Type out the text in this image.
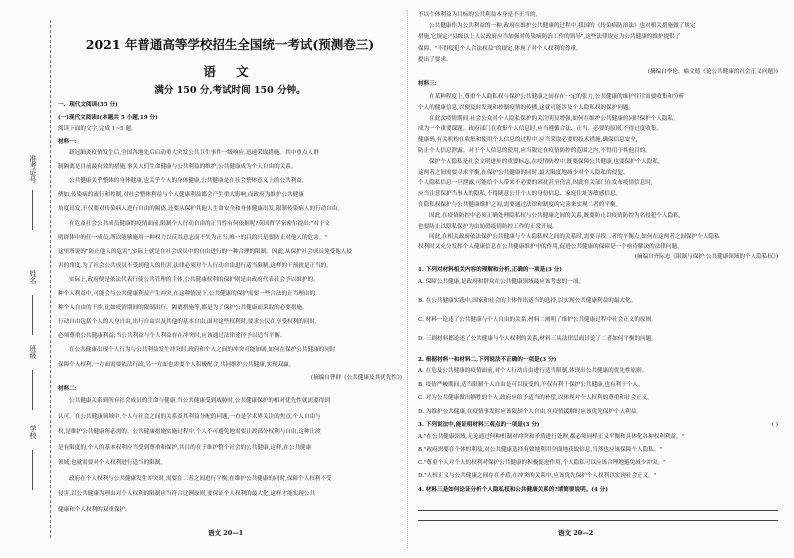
准考证号
姓名
班级
学校
2021 年普通高等学校招生全国统一考试(预测卷三)
语 文
满分 150 分,考试时间 150 分钟。
一、现代文阅读(35 分)
(一)现代文阅读Ⅰ(本题共 5 小题,19 分)
阅读下面的文字,完成 1~5 题。
材料一:
新冠肺炎疫情发生后,全国各地先后启动重大突发公共卫生事件一级响应,迅速采取措施。其中重点人群
制隔离是目前最有效的措施,事关人们生命健康与公共利益的维护,公共健康成为个人自由的关系。
公共健康关乎整体的身体健康,也关乎个人的身体健康,公共健康是在社会整体意义上的公共利益。
例如,传染病的流行和控制,对社会整体利益与个人健康利益都会产生重大影响,而政府为维护公共健康
角度出发,不仅要对传染病人进行自由的隔离,还要从保护其他人生命安全和身体健康出发,限制传染病人的行动自由。
在危及社会公共成员健康的疫情面前,限制个人行动自由的正当性有何依据呢?英国哲学家密尔提出:"对于文
明群体中的任一成员,所以能够施用一种权力以反其意志而不失为正当,唯一的目的只是要防止对他人的危害。"
这里所说的"防止他人的危害",实际上就是在社会成员中的自由进行的一种合理的限制。因此,从保护社会成员免受他人侵
害的角度,为了社会公共成员不受到他人的伤害,法律必须对个人行动自由进行适当限制,这样的干预就是正当的。
实际上,政府便是依法代表行使公共管理的主体,公共健康权利的保护则是由政府代表社会予以维护的。
种个人利益中,可能会与公共健康利益产生冲突,在这种情况下,公共健康的保护需要一些合法的正当理由的
种个人自由的干涉,比如疫情期间的限制出行、隔离措施等,都是为了保护公共健康而采取的必要措施。
行动自由包括个人的人身自由,出行自由以及其他的基本自由,面对这些权利时,要求公民在享受权利的同时,
必须尊重公共健康利益;当公共利益与个人利益存在冲突时,应该通过法律途径予以适当平衡。
在公共健康出现个人行为与公共利益发生冲突时,政府和个人之间的冲突可能加剧,如何在保护公共健康的同时
保障个人权利,一方面需要依法行政,另一方面也需要个人积极配合,共同维护公共健康,实现双赢。
(摘编自曹群《公共健康及其优先性》)
材料二:
公共健康关系到所有社会成员的生命与健康,当公共健康受到威胁时,公共健康保护的相对优先性就需要得到
认可。在公共健康领域中,个人与社会之间的关系及其利益分配的问题,一直是学术界关注的焦点,个人自由与
权,是维护公共健康所必需的。公共健康措施实施过程中,个人不可避免地需要让渡部分权利与自由,这种让渡
是有限度的,个人的基本权利应当受到尊重和保护,其目的在于维护整个社会的公共健康,这样,在公共健康
领域,也就需要对个人权利进行适当的限制。
政府在个人权利与公共健康发生冲突时,需要在二者之间进行平衡,在维护公共健康的同时,保障个人权利不受
侵害,以公共健康为理由对个人权利的限制应当符合比例原则,要保证个人权利的最大化,这样才能实现公共
健康和个人权利的双重保护。
语文 20—1
不以个体利益为目标的公共利益本身是不正当的,
公共健康作为公共利益的一种,政府在维护公共健康的过程中,我国的《传染病防治法》也对相关措施做了规定
措施,它规定:"县级以上人民政府应当加强对传染病防治工作的领导",这些法律规定为公共健康的维护提供了
保障。"不得侵犯个人合法权益"的规定,体现了对个人权利的尊重。
提出了要求。
(摘编自李伦、喻文德《论公共健康的社会正义问题》)
材料三:
在某种程度上,尊重个人隐私权与保护公共健康之间存在一定的张力,公共健康的维护往往需要收集和分析
个人的健康信息,以便及时发现和控制疫情的传播,这就可能涉及个人隐私权的保护问题。
在此次疫情期间,社会公众对个人隐私保护的关注明显增强,如何在维护公共健康的同时保护个人隐私,
成为一个重要课题。政府部门在收集个人信息时,应当遵循合法、正当、必要的原则,不得过度收集。
健康码,有关机构在收集和使用个人信息的过程中,应当采取必要的技术措施,确保信息安全,
防止个人信息泄露。对于个人信息的使用,应当限定在疫情防控的范围之内,不得用于其他目的。
保护个人隐私是社会文明进步的重要标志,在疫情防控中,既要保障公共健康,也要保护个人隐私,
这两者之间需要寻求平衡,在保护公共健康的同时,最大限度地减少对个人隐私的侵犯。
个人隐私信息一旦泄露,可能给个人带来不必要的困扰甚至伤害,因此有关部门在发布疫情信息时,
应当注意保护当事人的隐私,不得随意公开个人的身份信息、家庭住址等敏感信息。
在隐私权保护与公共健康维护之间,需要通过法律和制度的完善来实现二者的平衡。
因此,在疫情防控中必须正确处理隐私权与公共健康之间的关系,既要防止以疫情防控为名侵犯个人隐私,
也要防止以隐私保护为由妨碍疫情防控工作的正常开展。
同此,在相关政府依法保护公共健康与个人隐私权之间的关系时,需要寻找二者的平衡点,如何在这两者之间保护个人隐私
权利时又充分发挥个人健康信息在公共健康维护中的作用,促进公共健康的保障是一个亟待解决的法律问题。
(摘编自齐际忠《限制与保护:公共健康领域的个人隐私权》)
1. 下列对材料相关内容的理解和分析,正确的一项是(3 分)
A. 保障公共健康,是政府和群众在公共健康领域最应该考虑的一项。
B. 在公共健康实践中,国家和社会的主体作出适当的选择,以实现公共健康利益的最大化。
C. 材料一论述了公共健康与个人自由的关系,材料二阐明了维护公共健康过程中社会正义的原则。
D. 三则材料都论述了公共健康与个人权利的关系,材料三从法律层面讨论了二者如何平衡的问题。
2. 根据材料一和材料二,下列说法不正确的一项是(3 分)
A. 在危及公共健康的疫情面前,对个人行动自由进行适当限制,体现出公共健康的优先性原则。
B. 疫情严峻期间,适当限制个人自由是可以接受的,不仅有利于保护公共健康,也有利于个人。
C. 对为公共健康做出牺牲的个人,政府应给予适当的补偿,以体现对个人权利的尊重和社会正义。
D. 为维护公共健康,在疫情事发时应该限制个人自由,在疫情缓解时应该优先保护个人利益。
3. 下列说法中,能证明材料三观点的一项是(3 分)	( )
A."在公共健康领域,无论通过何种机制对冲突和矛盾进行处理,都必须同样正义平衡和具体化各种权利利益。"
B."政府需要在个体的利益,对公共健康选择有效地利用全面地获取信息,当然也应该保障个人隐私。"
C."尊重个人对个人的权利对保护公共健康的积极促进作用,个人隐私可以应该合理地避免减少冲突。"
D."人权正义与公共健康之间存在矛盾,在冲突的关系中,应该优先保护个人权利以实现社会正义。"
4. 材料三是如何论证分析个人隐私权和公共健康关系的?请简要说明。(4 分)
语文 20—2
